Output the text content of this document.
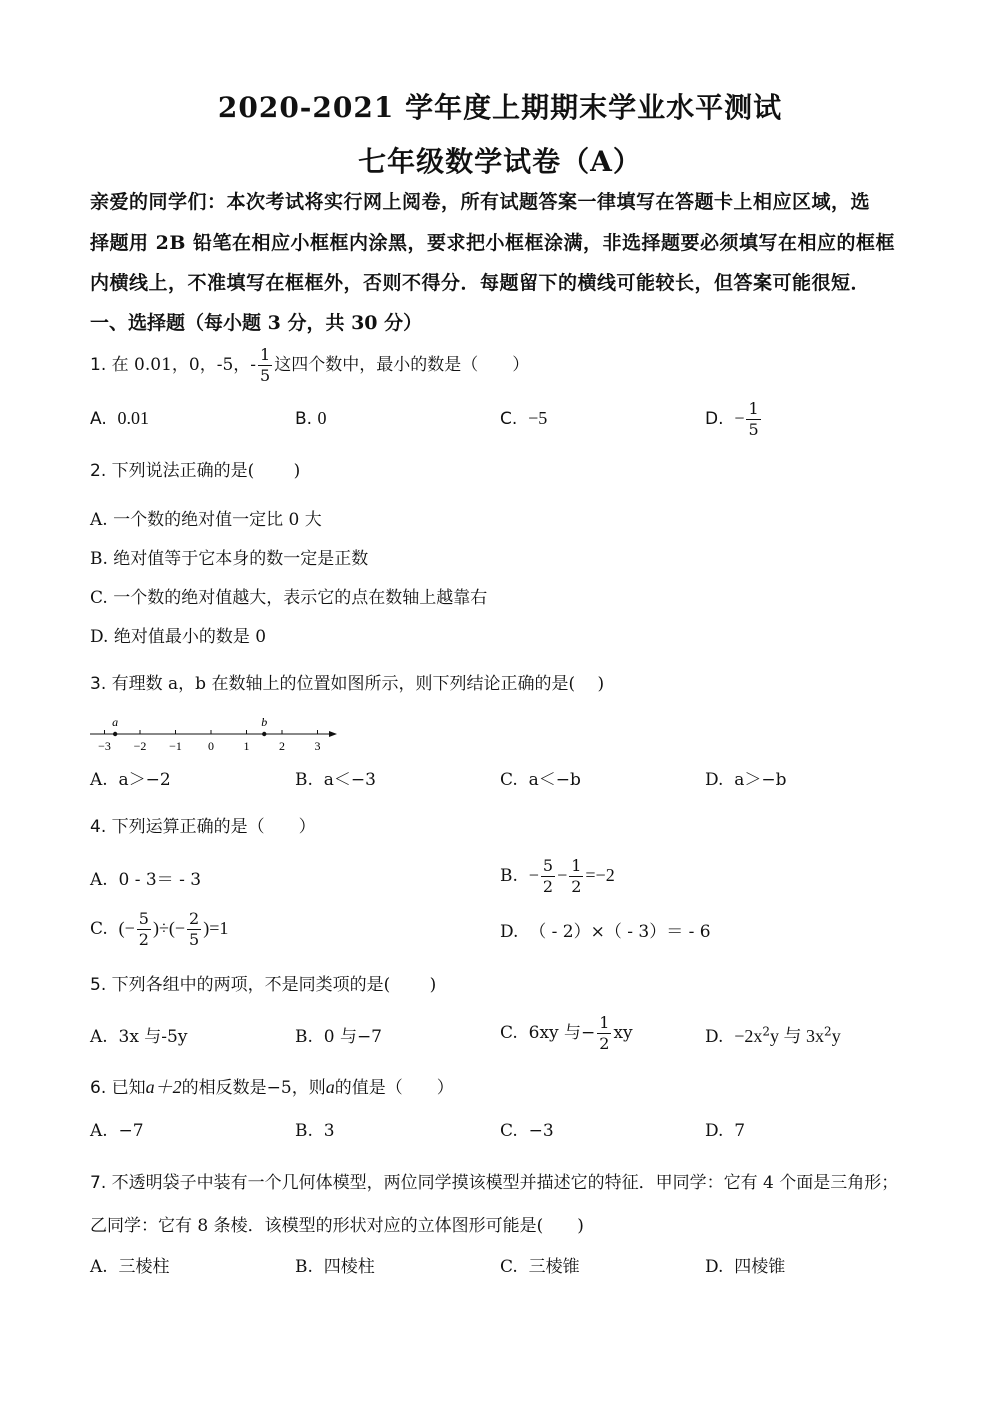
2020-2021 学年度上期期末学业水平测试
七年级数学试卷（A）
亲爱的同学们：本次考试将实行网上阅卷，所有试题答案一律填写在答题卡上相应区域，选
择题用 2B 铅笔在相应小框框内涂黑，要求把小框框涂满，非选择题要必须填写在相应的框框
内横线上，不准填写在框框外，否则不得分．每题留下的横线可能较长，但答案可能很短．
一、选择题（每小题 3 分，共 30 分）
1. 在 0.01，0，-5，- $\frac{1}{5}$ 这四个数中，最小的数是（　　）
A. 0.01	B. 0	C. −5	D. − $\frac{1}{5}$
2. 下列说法正确的是(　　 )
A. 一个数的绝对值一定比 0 大
B. 绝对值等于它本身的数一定是正数
C. 一个数的绝对值越大，表示它的点在数轴上越靠右
D. 绝对值最小的数是 0
3. 有理数 a，b 在数轴上的位置如图所示，则下列结论正确的是(　 )
−3 −2 −1 0 1 2 3
a	b
A. a＞−2	B. a＜−3	C. a＜−b	D. a＞−b
4. 下列运算正确的是（　　）
A. 0 - 3＝ - 3	B. − $\frac{5}{2} - \frac{1}{2} =-2$
C. (− $\frac{5}{2}$ )÷(− $\frac{2}{5} )=1$	D. （ - 2）×（ - 3）＝ - 6
5. 下列各组中的两项，不是同类项的是(　　 )
A. 3x 与-5y	B. 0 与−7	C. 6xy 与− $\frac{1}{2}$ xy	D. $-2x^2y$ 与 $3x^2y$
6. 已知a＋2的相反数是−5，则a的值是（　　）
A. −7	B. 3	C. −3	D. 7
7. 不透明袋子中装有一个几何体模型，两位同学摸该模型并描述它的特征．甲同学：它有 4 个面是三角形；
乙同学：它有 8 条棱．该模型的形状对应的立体图形可能是(　　)
A. 三棱柱	B. 四棱柱	C. 三棱锥	D. 四棱锥
